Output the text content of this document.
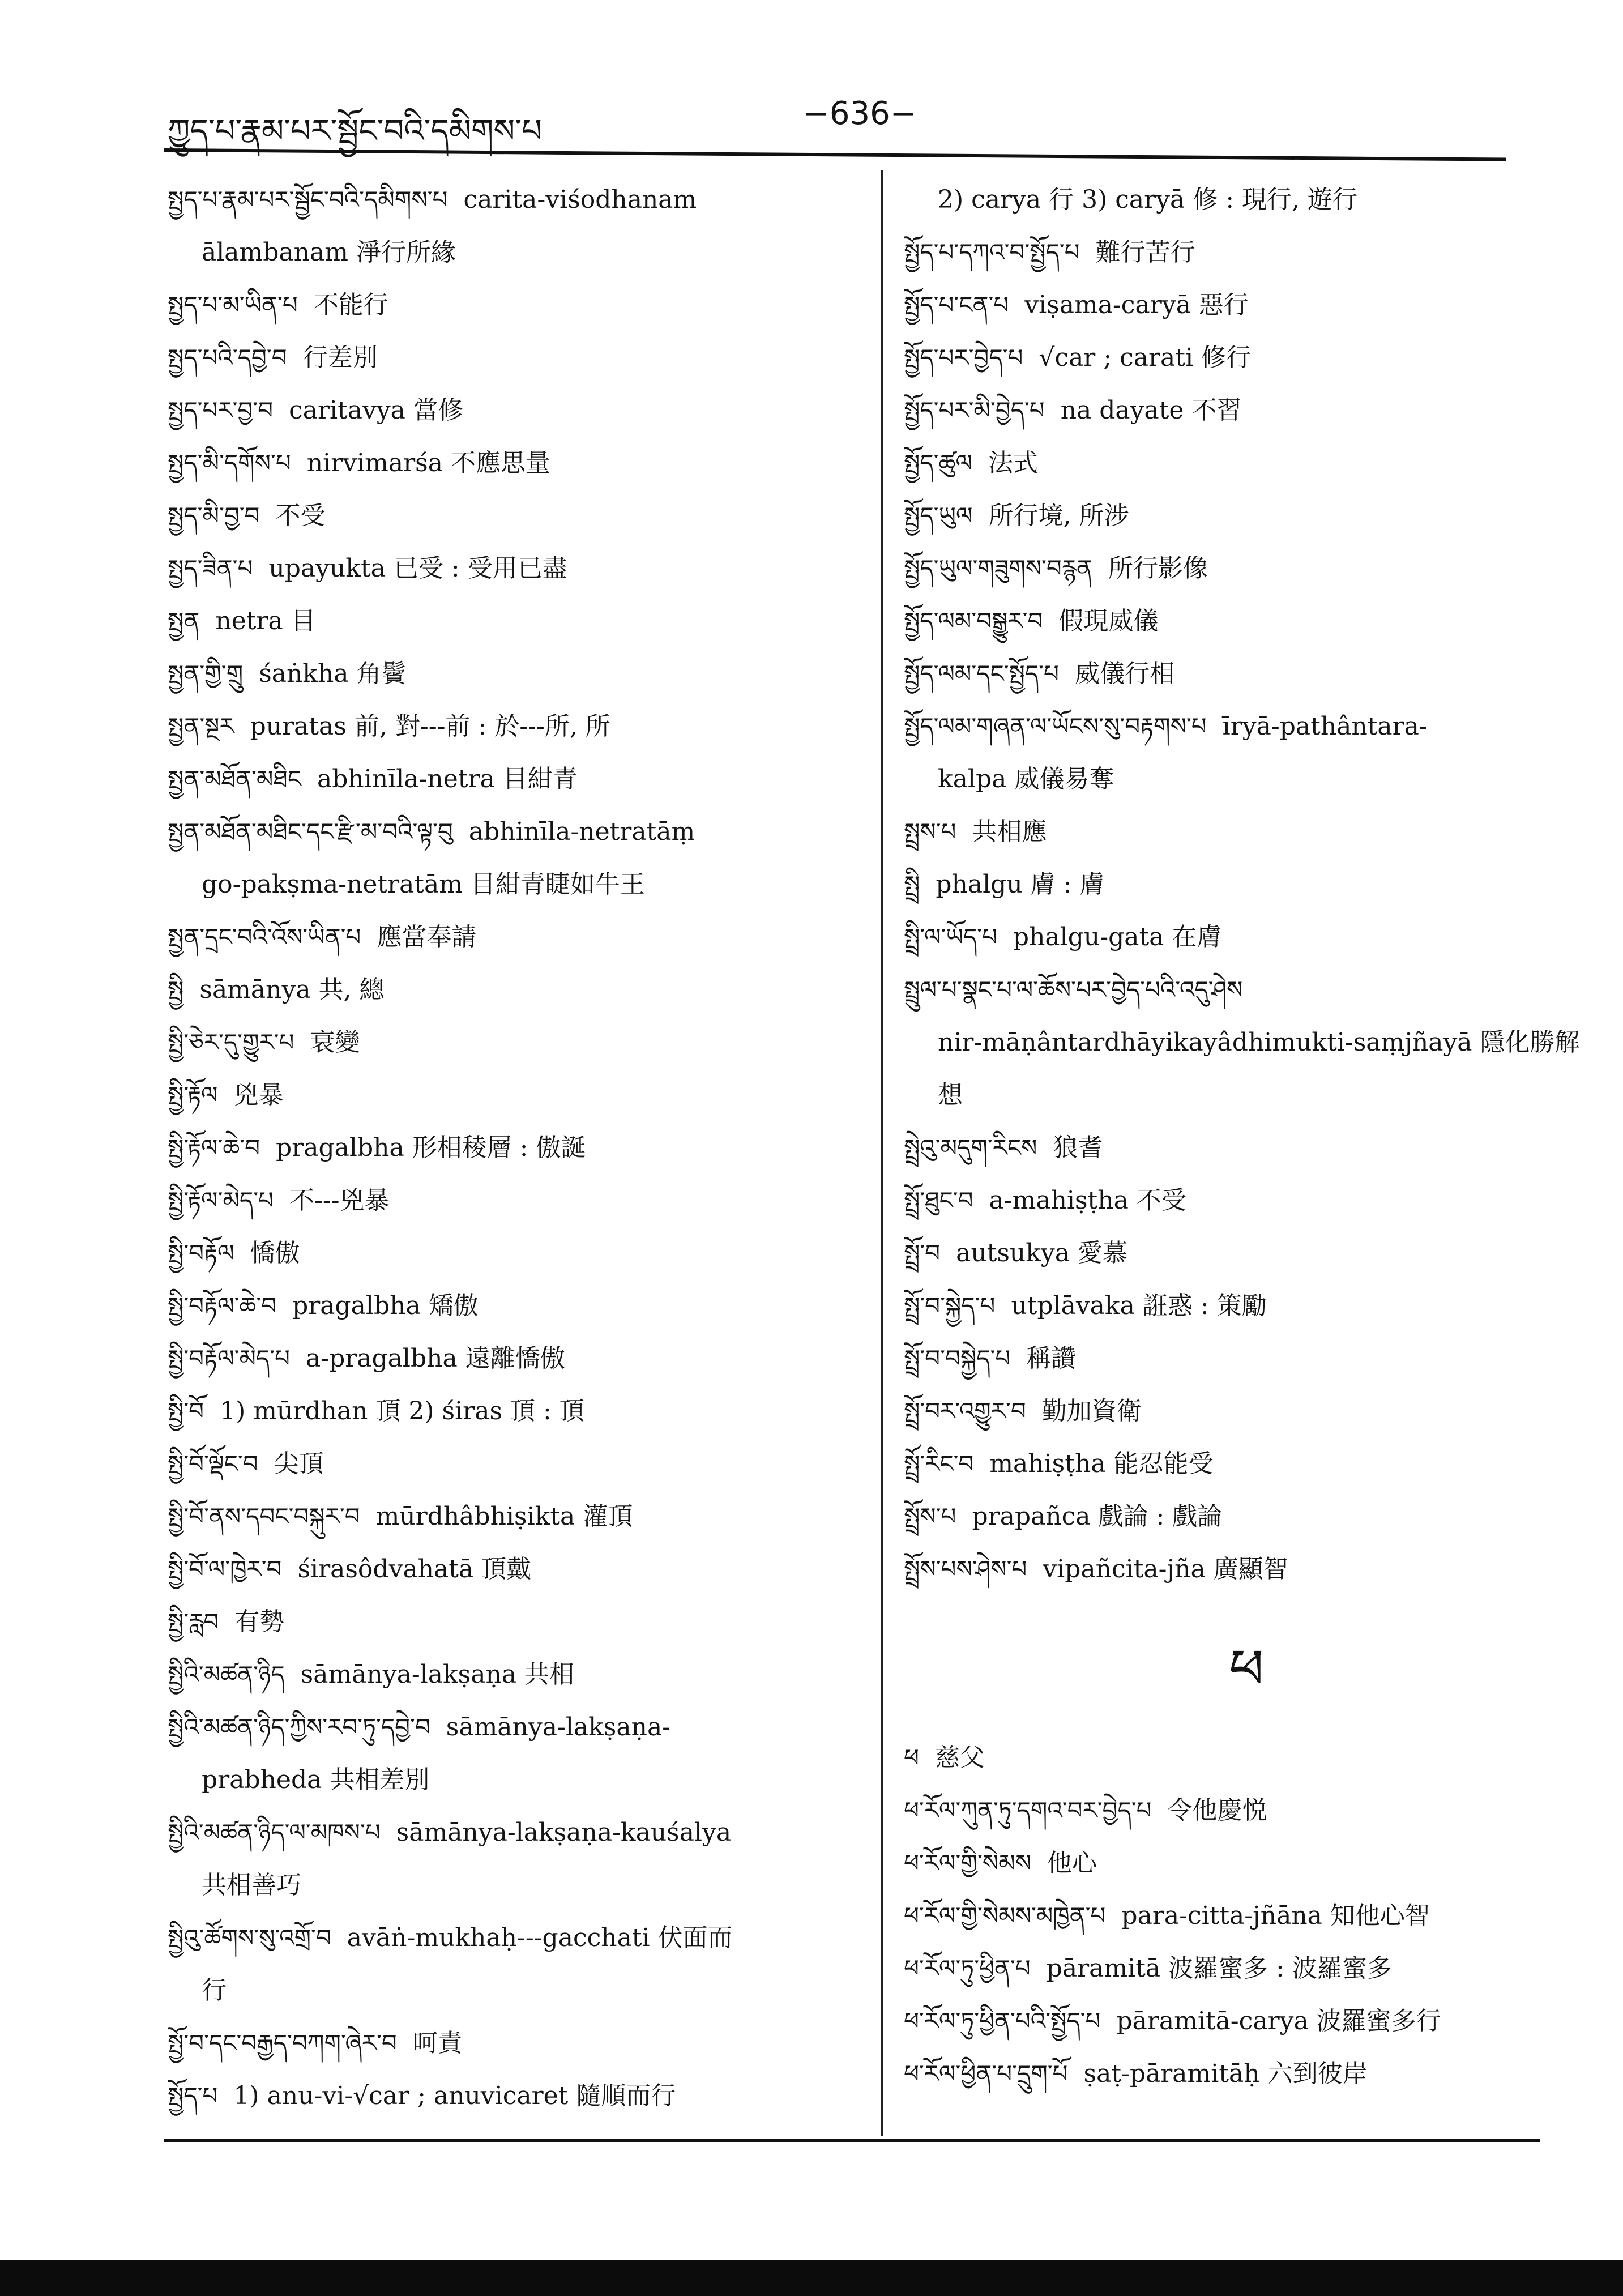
ཀྱུད་པ་རྣམ་པར་སྦྱོང་བའི་དམིགས་པ	−636−
སྤྱད་པ་རྣམ་པར་སྦྱོང་བའི་དམིགས་པ carita-viśodhanam
ālambanam 淨行所緣
སྤྱད་པ་མ་ཡིན་པ 不能行
སྤྱད་པའི་དབྱེ་བ 行差別
སྤྱད་པར་བྱ་བ caritavya 當修
སྤྱད་མི་དགོས་པ nirvimarśa 不應思量
སྤྱད་མི་བྱ་བ 不受
སྤྱད་ཟིན་པ upayukta 已受 : 受用已盡
སྤྱན netra 目
སྤྱན་གྱི་གྲུ śaṅkha 角鬢
སྤྱན་སྔར puratas 前, 對---前 : 於---所, 所
སྤྱན་མཐོན་མཐིང abhinīla-netra 目紺青
སྤྱན་མཐོན་མཐིང་དང་རྫི་མ་བའི་ལྟ་བུ abhinīla-netratāṃ
go-pakṣma-netratām 目紺青睫如牛王
སྤྱན་དྲང་བའི་འོས་ཡིན་པ 應當奉請
སྤྱི sāmānya 共, 總
སྤྱི་ཅེར་དུ་གྱུར་པ 衰變
སྤྱི་རྟོལ 兇暴
སྤྱི་རྟོལ་ཆེ་བ pragalbha 形相稜層 : 傲誕
སྤྱི་རྟོལ་མེད་པ 不---兇暴
སྤྱི་བརྟོལ 憍傲
སྤྱི་བརྟོལ་ཆེ་བ pragalbha 矯傲
སྤྱི་བརྟོལ་མེད་པ a-pragalbha 遠離憍傲
སྤྱི་བོ 1) mūrdhan 頂 2) śiras 頂 : 頂
སྤྱི་བོ་ལྡོང་བ 尖頂
སྤྱི་བོ་ནས་དབང་བསྐུར་བ mūrdhâbhiṣikta 灌頂
སྤྱི་བོ་ལ་ཁྱེར་བ śirasôdvahatā 頂戴
སྤྱི་རླབ 有勢
སྤྱིའི་མཚན་ཉིད sāmānya-lakṣaṇa 共相
སྤྱིའི་མཚན་ཉིད་ཀྱིས་རབ་ཏུ་དབྱེ་བ sāmānya-lakṣaṇa-
prabheda 共相差別
སྤྱིའི་མཚན་ཉིད་ལ་མཁས་པ sāmānya-lakṣaṇa-kauśalya
共相善巧
སྤྱིའུ་ཚོགས་སུ་འགྲོ་བ avāṅ-mukhaḥ---gacchati 伏面而
行
སྤྱོ་བ་དང་བརྒྱད་བཀག་ཞེར་བ 呵責
སྤྱོད་པ 1) anu-vi-√car ; anuvicaret 隨順而行
2) carya 行 3) caryā 修 : 現行, 遊行
སྤྱོད་པ་དཀའ་བ་སྤྱོད་པ 難行苦行
སྤྱོད་པ་ངན་པ viṣama-caryā 惡行
སྤྱོད་པར་བྱེད་པ √car ; carati 修行
སྤྱོད་པར་མི་བྱེད་པ na dayate 不習
སྤྱོད་ཚུལ 法式
སྤྱོད་ཡུལ 所行境, 所涉
སྤྱོད་ཡུལ་གཟུགས་བརྙན 所行影像
སྤྱོད་ལམ་བསྒྱུར་བ 假現威儀
སྤྱོད་ལམ་དང་སྤྱོད་པ 威儀行相
སྤྱོད་ལམ་གཞན་ལ་ཡོངས་སུ་བརྟགས་པ īryā-pathântara-
kalpa 威儀易奪
སྤྲས་པ 共相應
སྤྲི phalgu 膚 : 膚
སྤྲི་ལ་ཡོད་པ phalgu-gata 在膚
སྤྲུལ་པ་སྣང་པ་ལ་ཆོས་པར་བྱེད་པའི་འདུ་ཤེས
nir-māṇântardhāyikayâdhimukti-saṃjñayā 隱化勝解
想
སྤྲེའུ་མདུག་རིངས 狼耆
སྤྲོ་ཐུང་བ a-mahiṣṭha 不受
སྤྲོ་བ autsukya 愛慕
སྤྲོ་བ་སྐྱེད་པ utplāvaka 誑惑 : 策勵
སྤྲོ་བ་བསྐྱེད་པ 稱讚
སྤྲོ་བར་འགྱུར་བ 勤加資衛
སྤྲོ་རིང་བ mahiṣṭha 能忍能受
སྤྲོས་པ prapañca 戲論 : 戲論
སྤྲོས་པས་ཤེས་པ vipañcita-jña 廣顯智
ཕ
ཕ 慈父
ཕ་རོལ་ཀུན་ཏུ་དགའ་བར་བྱེད་པ 令他慶悦
ཕ་རོལ་གྱི་སེམས 他心
ཕ་རོལ་གྱི་སེམས་མཁྱེན་པ para-citta-jñāna 知他心智
ཕ་རོལ་ཏུ་ཕྱིན་པ pāramitā 波羅蜜多 : 波羅蜜多
ཕ་རོལ་ཏུ་ཕྱིན་པའི་སྤྱོད་པ pāramitā-carya 波羅蜜多行
ཕ་རོལ་ཕྱིན་པ་དྲུག་པོ ṣaṭ-pāramitāḥ 六到彼岸
